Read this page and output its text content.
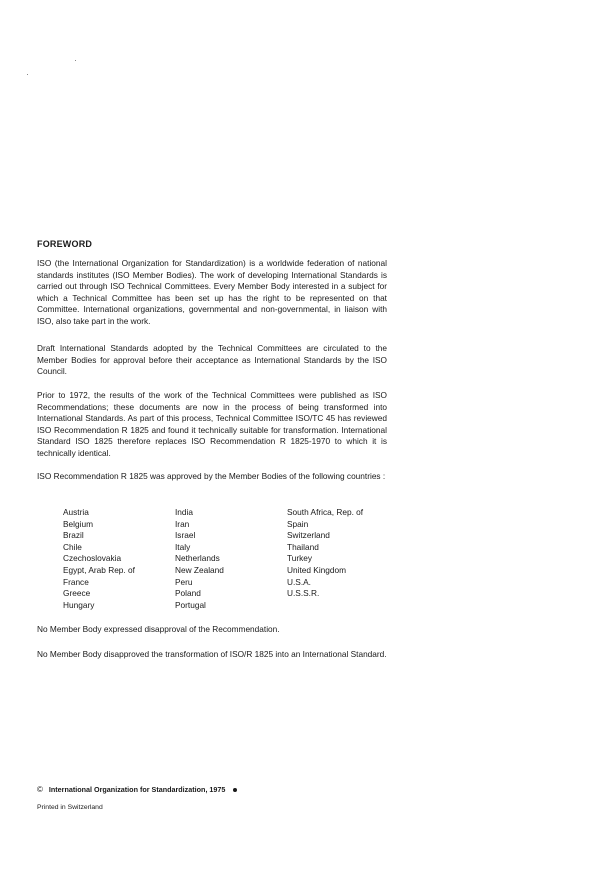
FOREWORD

ISO (the International Organization for Standardization) is a worldwide federation of national standards institutes (ISO Member Bodies). The work of developing International Standards is carried out through ISO Technical Committees. Every Member Body interested in a subject for which a Technical Committee has been set up has the right to be represented on that Committee. International organizations, governmental and non-governmental, in liaison with ISO, also take part in the work.

Draft International Standards adopted by the Technical Committees are circulated to the Member Bodies for approval before their acceptance as International Standards by the ISO Council.

Prior to 1972, the results of the work of the Technical Committees were published as ISO Recommendations; these documents are now in the process of being transformed into International Standards. As part of this process, Technical Committee ISO/TC 45 has reviewed ISO Recommendation R 1825 and found it technically suitable for transformation. International Standard ISO 1825 therefore replaces ISO Recommendation R 1825-1970 to which it is technically identical.

ISO Recommendation R 1825 was approved by the Member Bodies of the following countries :

Austria
Belgium
Brazil
Chile
Czechoslovakia
Egypt, Arab Rep. of
France
Greece
Hungary
India
Iran
Israel
Italy
Netherlands
New Zealand
Peru
Poland
Portugal
South Africa, Rep. of
Spain
Switzerland
Thailand
Turkey
United Kingdom
U.S.A.
U.S.S.R.

No Member Body expressed disapproval of the Recommendation.

No Member Body disapproved the transformation of ISO/R 1825 into an International Standard.

© International Organization for Standardization, 1975
Printed in Switzerland
